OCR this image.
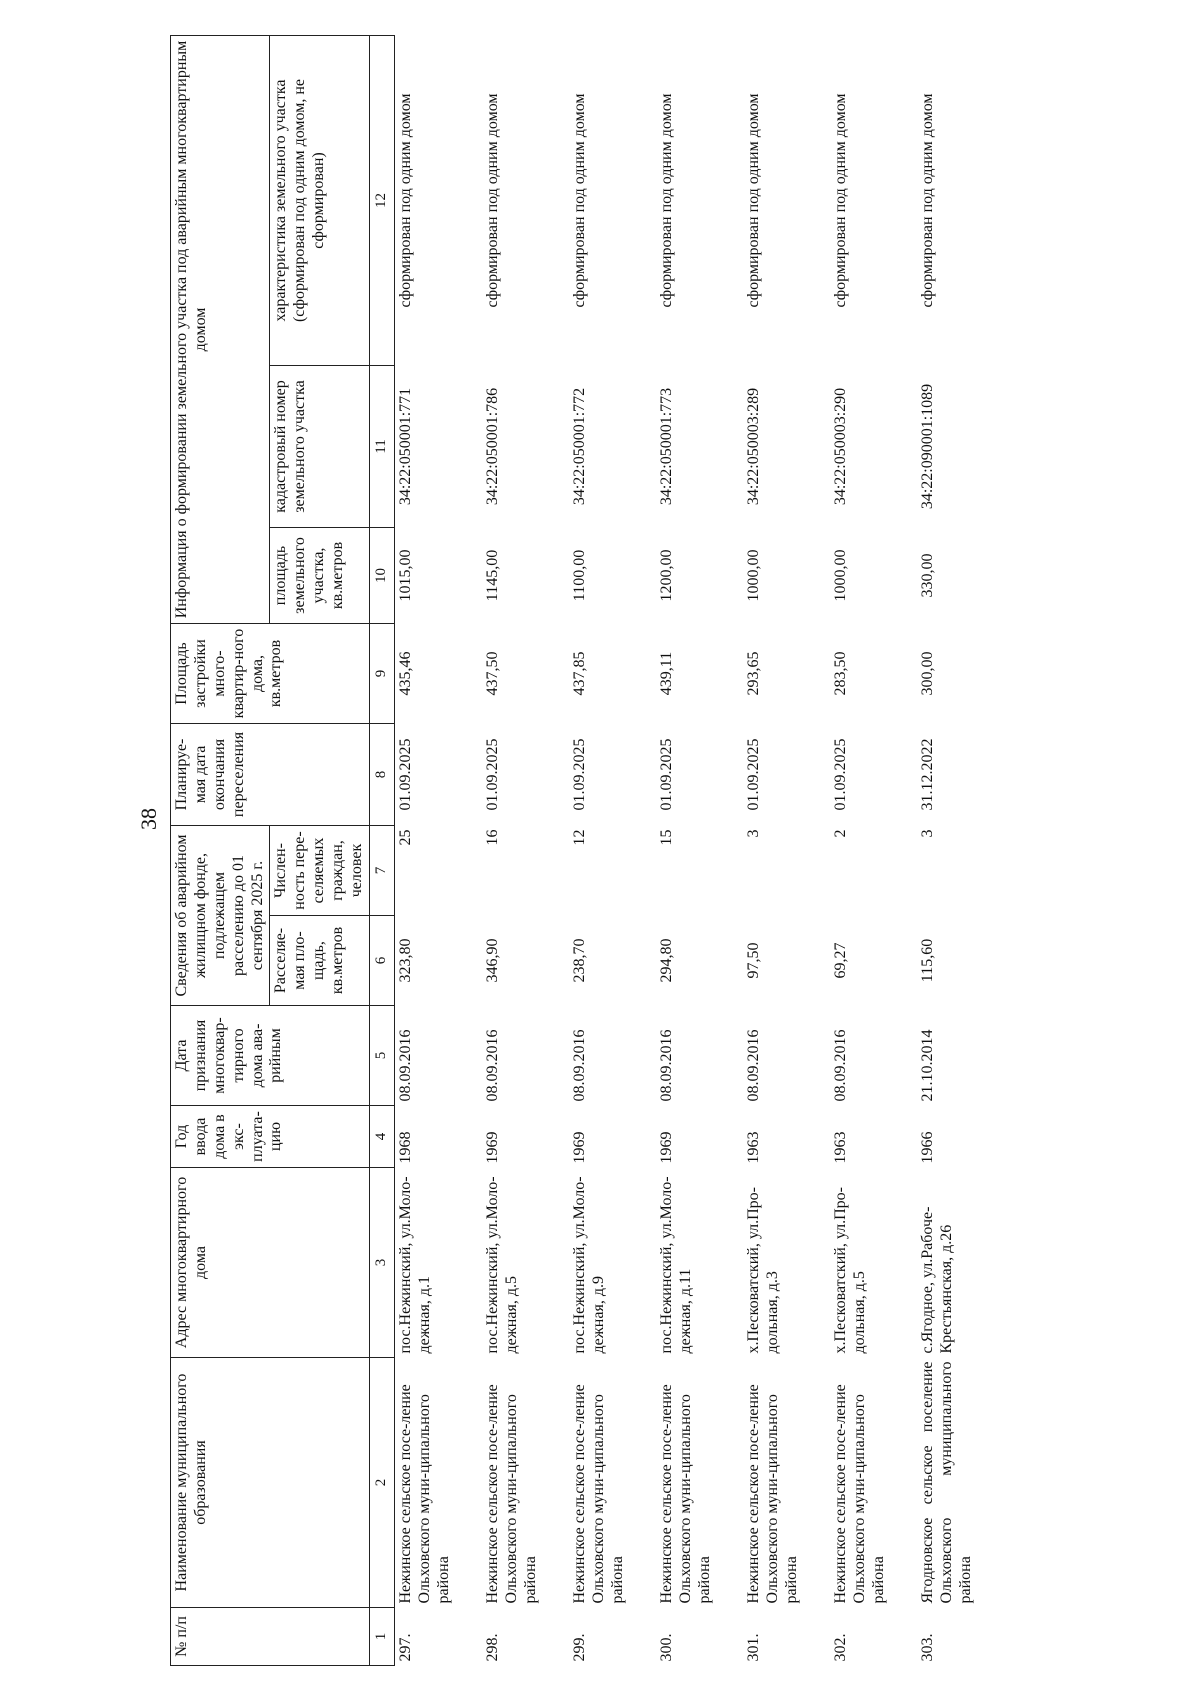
38
№ п/п	Наименование муниципального образования	Адрес многоквартирного дома	Год ввода дома в экс-плуата-цию	Дата признания многоквар-тирного дома ава-рийным	Сведения об аварийном жилищном фонде, подлежащем расселению до 01 сентября 2025 г.		Планируе-мая дата окончания переселения	Площадь застройки много-квартир-ного дома, кв.метров	Информация о формировании земельного участка под аварийным многоквартирным домом		
					Расселяе-мая пло-щадь, кв.метров	Числен-ность пере-селяемых граждан, человек			площадь земельного участка, кв.метров	кадастровый номер земельного участка	характеристика земельного участка (сформирован под одним домом, не сформирован)
1	2	3	4	5	6	7	8	9	10	11	12
297.	Нежинское сельское посе-ление Ольховского муни-ципального района	пос.Нежинский, ул.Моло-дежная, д.1	1968	08.09.2016	323,80	25	01.09.2025	435,46	1015,00	34:22:050001:771	сформирован под одним домом
298.	Нежинское сельское посе-ление Ольховского муни-ципального района	пос.Нежинский, ул.Моло-дежная, д.5	1969	08.09.2016	346,90	16	01.09.2025	437,50	1145,00	34:22:050001:786	сформирован под одним домом
299.	Нежинское сельское посе-ление Ольховского муни-ципального района	пос.Нежинский, ул.Моло-дежная, д.9	1969	08.09.2016	238,70	12	01.09.2025	437,85	1100,00	34:22:050001:772	сформирован под одним домом
300.	Нежинское сельское посе-ление Ольховского муни-ципального района	пос.Нежинский, ул.Моло-дежная, д.11	1969	08.09.2016	294,80	15	01.09.2025	439,11	1200,00	34:22:050001:773	сформирован под одним домом
301.	Нежинское сельское посе-ление Ольховского муни-ципального района	х.Песковатский, ул.Про-дольная, д.3	1963	08.09.2016	97,50	3	01.09.2025	293,65	1000,00	34:22:050003:289	сформирован под одним домом
302.	Нежинское сельское посе-ление Ольховского муни-ципального района	х.Песковатский, ул.Про-дольная, д.5	1963	08.09.2016	69,27	2	01.09.2025	283,50	1000,00	34:22:050003:290	сформирован под одним домом
303.	Ягодновское сельское поселение Ольховского муниципального района	с.Ягодное, ул.Рабоче-Крестьянская, д.26	1966	21.10.2014	115,60	3	31.12.2022	300,00	330,00	34:22:090001:1089	сформирован под одним домом
